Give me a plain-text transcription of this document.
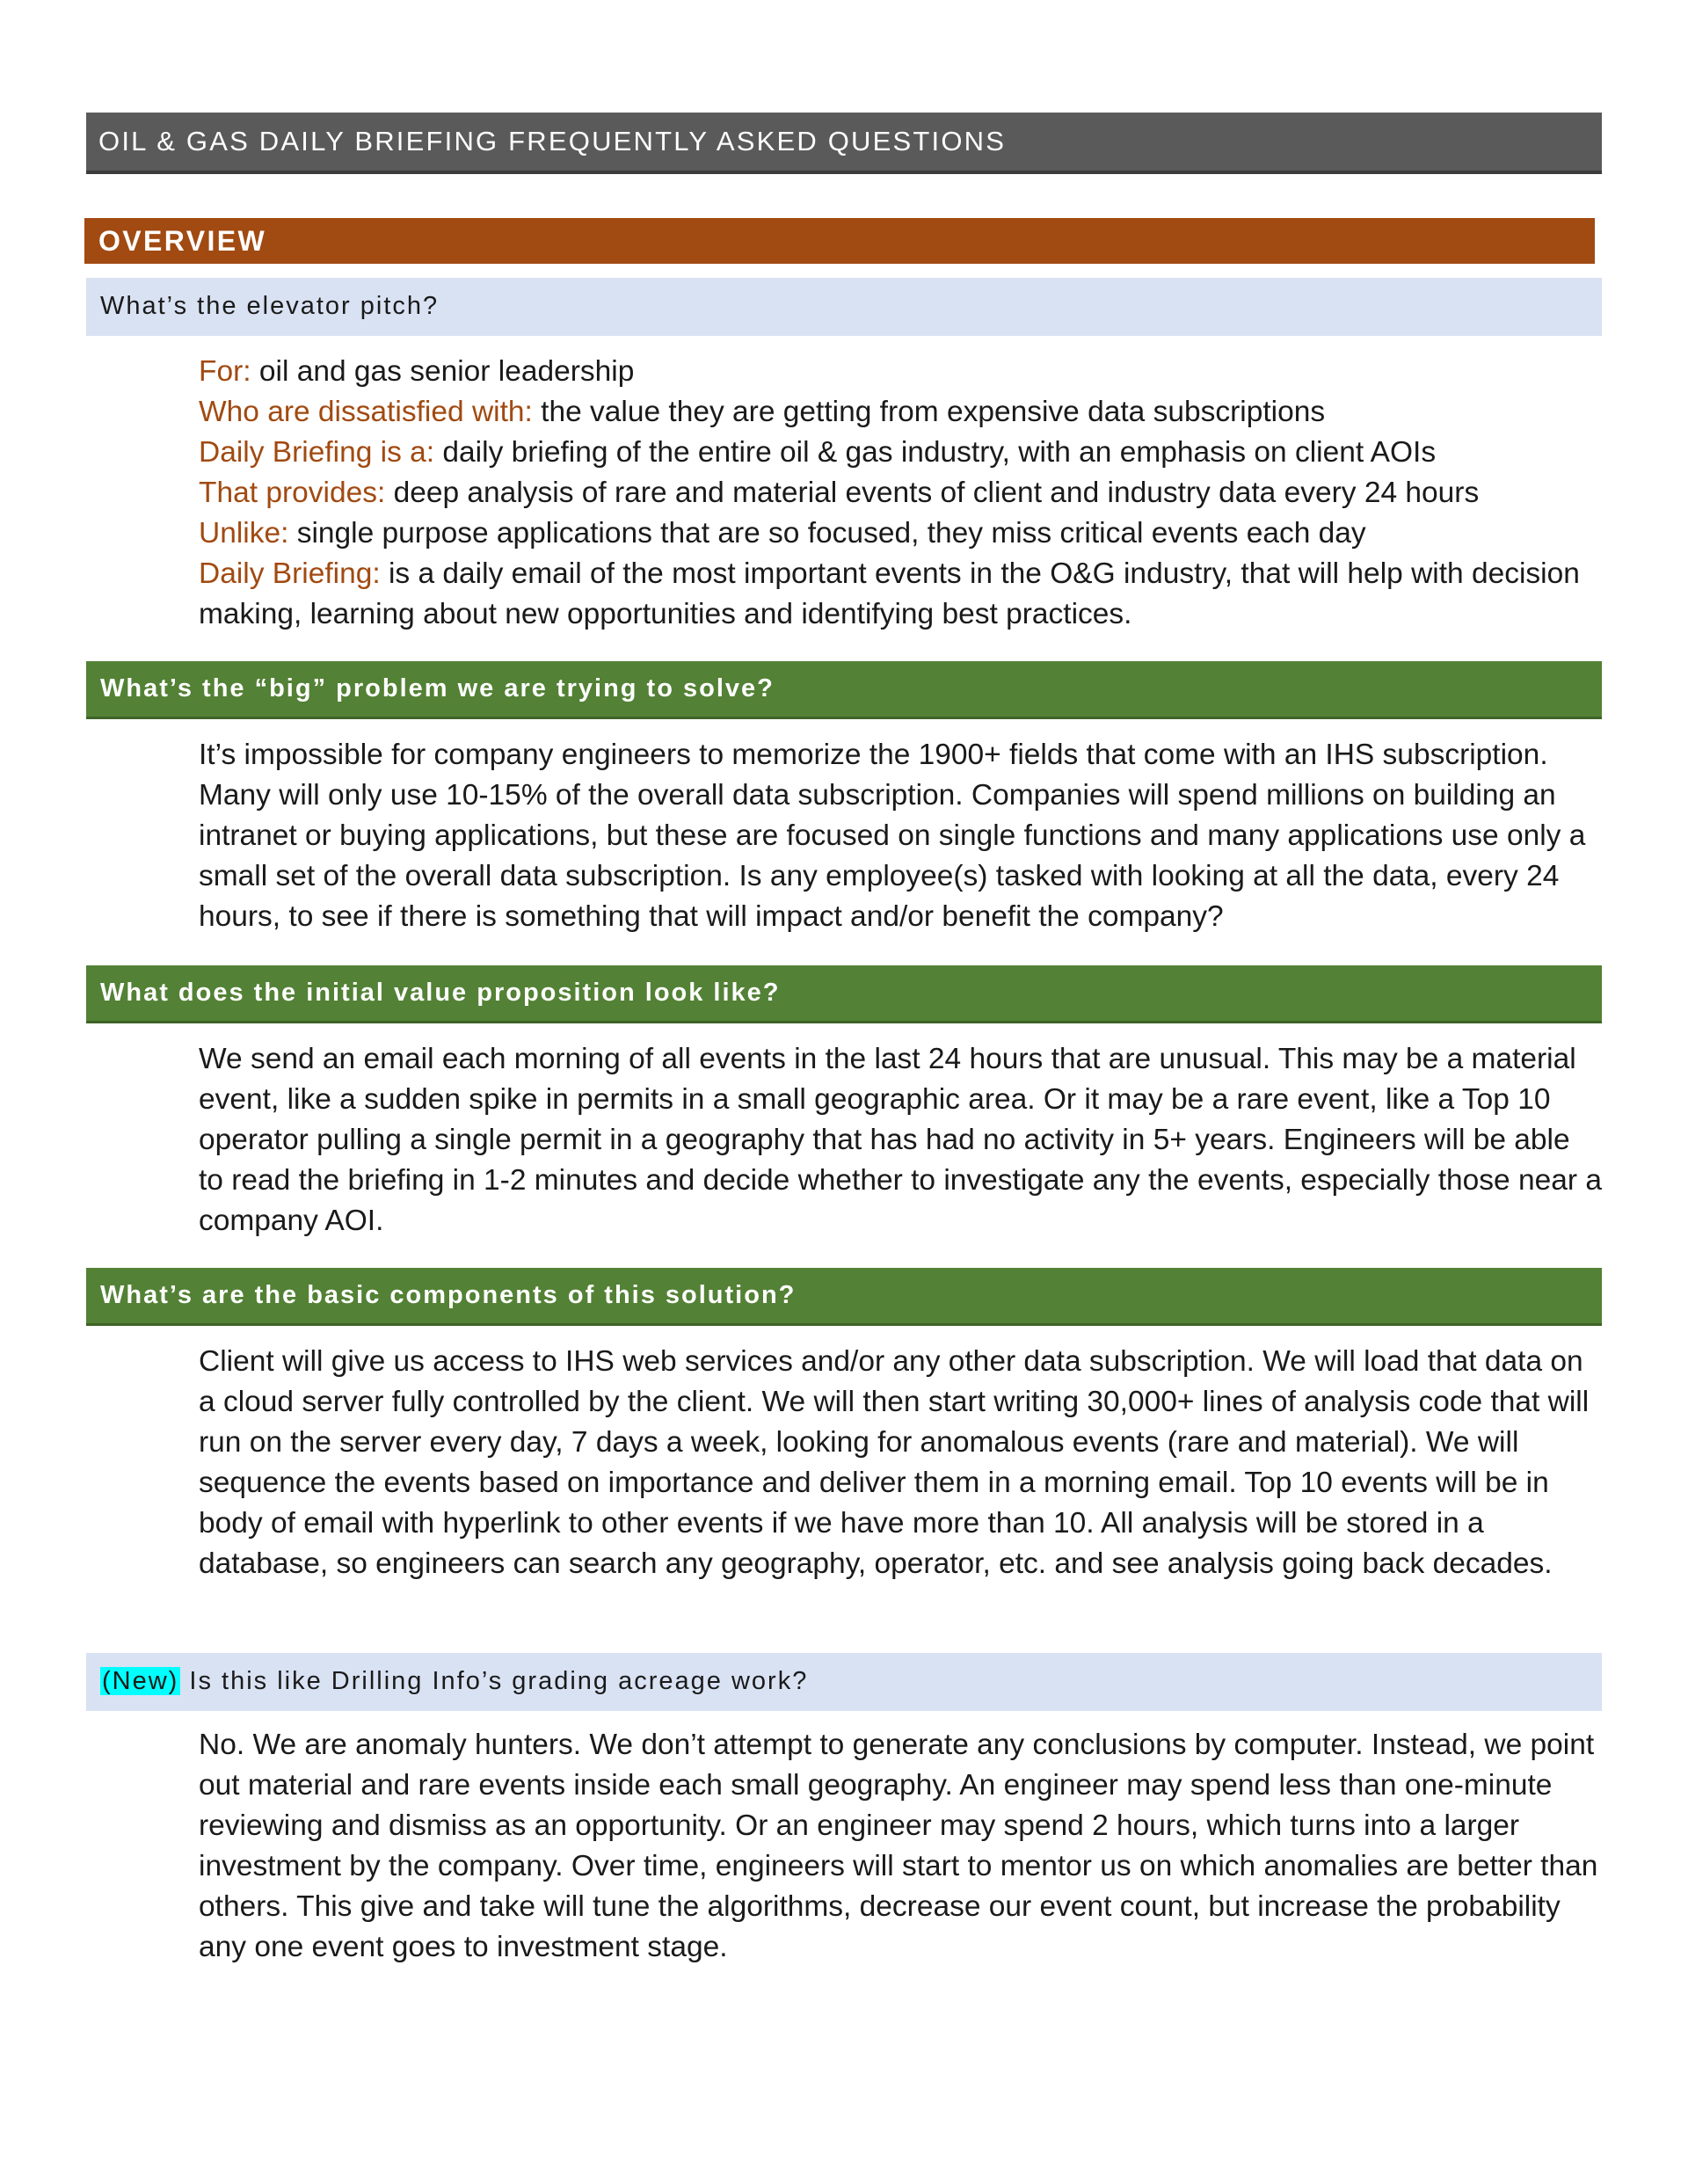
OIL & GAS DAILY BRIEFING FREQUENTLY ASKED QUESTIONS
OVERVIEW
What’s the elevator pitch?

For: oil and gas senior leadership

Who are dissatisfied with: the value they are getting from expensive data subscriptions

Daily Briefing is a: daily briefing of the entire oil & gas industry, with an emphasis on client AOIs

That provides: deep analysis of rare and material events of client and industry data every 24 hours

Unlike: single purpose applications that are so focused, they miss critical events each day

Daily Briefing: is a daily email of the most important events in the O&G industry, that will help with decision making, learning about new opportunities and identifying best practices.

What’s the “big” problem we are trying to solve?

It’s impossible for company engineers to memorize the 1900+ fields that come with an IHS subscription. Many will only use 10-15% of the overall data subscription. Companies will spend millions on building an intranet or buying applications, but these are focused on single functions and many applications use only a small set of the overall data subscription. Is any employee(s) tasked with looking at all the data, every 24 hours, to see if there is something that will impact and/or benefit the company?

What does the initial value proposition look like?

We send an email each morning of all events in the last 24 hours that are unusual. This may be a material event, like a sudden spike in permits in a small geographic area. Or it may be a rare event, like a Top 10 operator pulling a single permit in a geography that has had no activity in 5+ years. Engineers will be able to read the briefing in 1-2 minutes and decide whether to investigate any the events, especially those near a company AOI.

What’s are the basic components of this solution?

Client will give us access to IHS web services and/or any other data subscription. We will load that data on a cloud server fully controlled by the client. We will then start writing 30,000+ lines of analysis code that will run on the server every day, 7 days a week, looking for anomalous events (rare and material). We will sequence the events based on importance and deliver them in a morning email. Top 10 events will be in body of email with hyperlink to other events if we have more than 10. All analysis will be stored in a database, so engineers can search any geography, operator, etc. and see analysis going back decades.

(New) Is this like Drilling Info’s grading acreage work?

No. We are anomaly hunters. We don’t attempt to generate any conclusions by computer. Instead, we point out material and rare events inside each small geography. An engineer may spend less than one-minute reviewing and dismiss as an opportunity. Or an engineer may spend 2 hours, which turns into a larger investment by the company. Over time, engineers will start to mentor us on which anomalies are better than others. This give and take will tune the algorithms, decrease our event count, but increase the probability any one event goes to investment stage.
